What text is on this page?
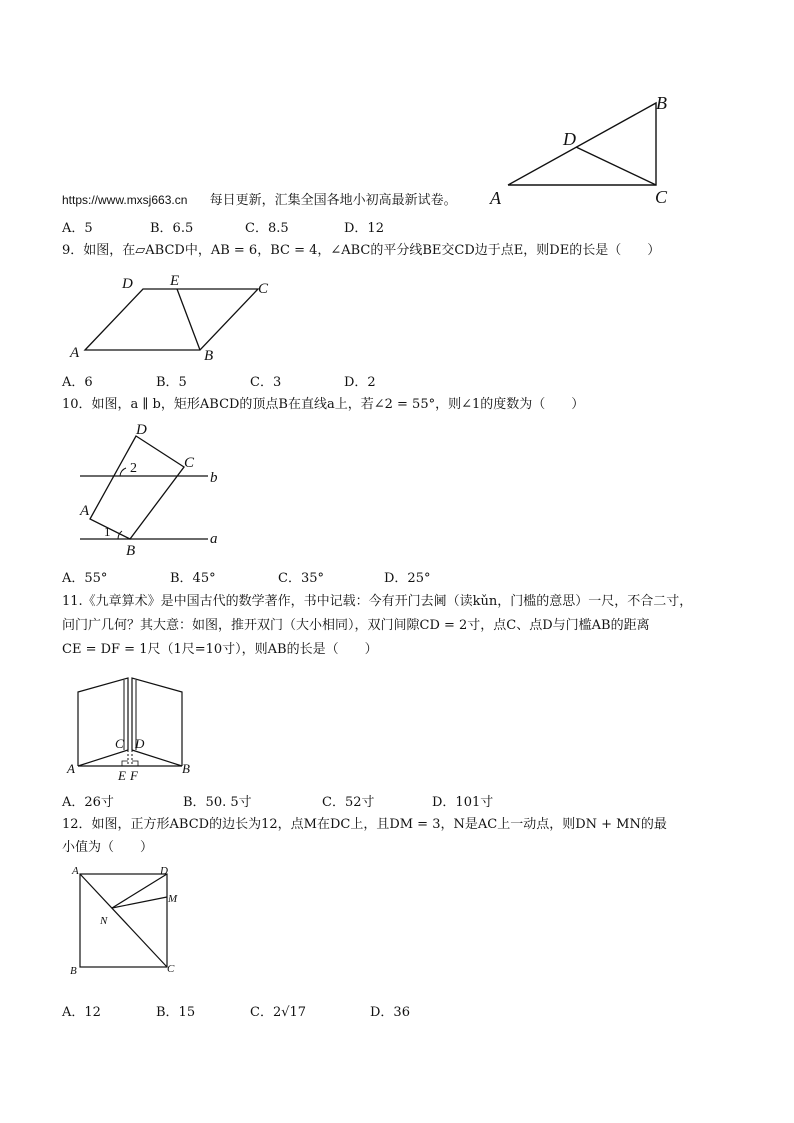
https://www.mxsj663.cn 每日更新，汇集全国各地小初高最新试卷。
B
D
C
A
A．5	B．6.5	C．8.5	D．12
9．如图，在▱ABCD中，AB = 6，BC = 4，∠ABC的平分线BE交CD边于点E，则DE的长是（　　）
D E	C
A	B
A．6	B．5	C．3	D．2
10．如图，a ∥ b，矩形ABCD的顶点B在直线a上，若∠2 = 55°，则∠1的度数为（　　）
D
C
b
2
A
1	a
B
A．55°	B．45°	C．35°	D．25°
11.《九章算术》是中国古代的数学著作，书中记载：今有开门去阃（读kǔn，门槛的意思）一尺，不合二寸，
问门广几何？其大意：如图，推开双门（大小相同），双门间隙CD = 2寸，点C、点D与门槛AB的距离
CE = DF = 1尺（1尺=10寸），则AB的长是（　　）
C D
A	B
E F
A．26寸	B．50. 5寸	C．52寸	D．101寸
12．如图，正方形ABCD的边长为12，点M在DC上，且DM = 3，N是AC上一动点，则DN + MN的最
小值为（　　）
A	D
M
N
B	C
A．12	B．15	C．2√17	D．36
